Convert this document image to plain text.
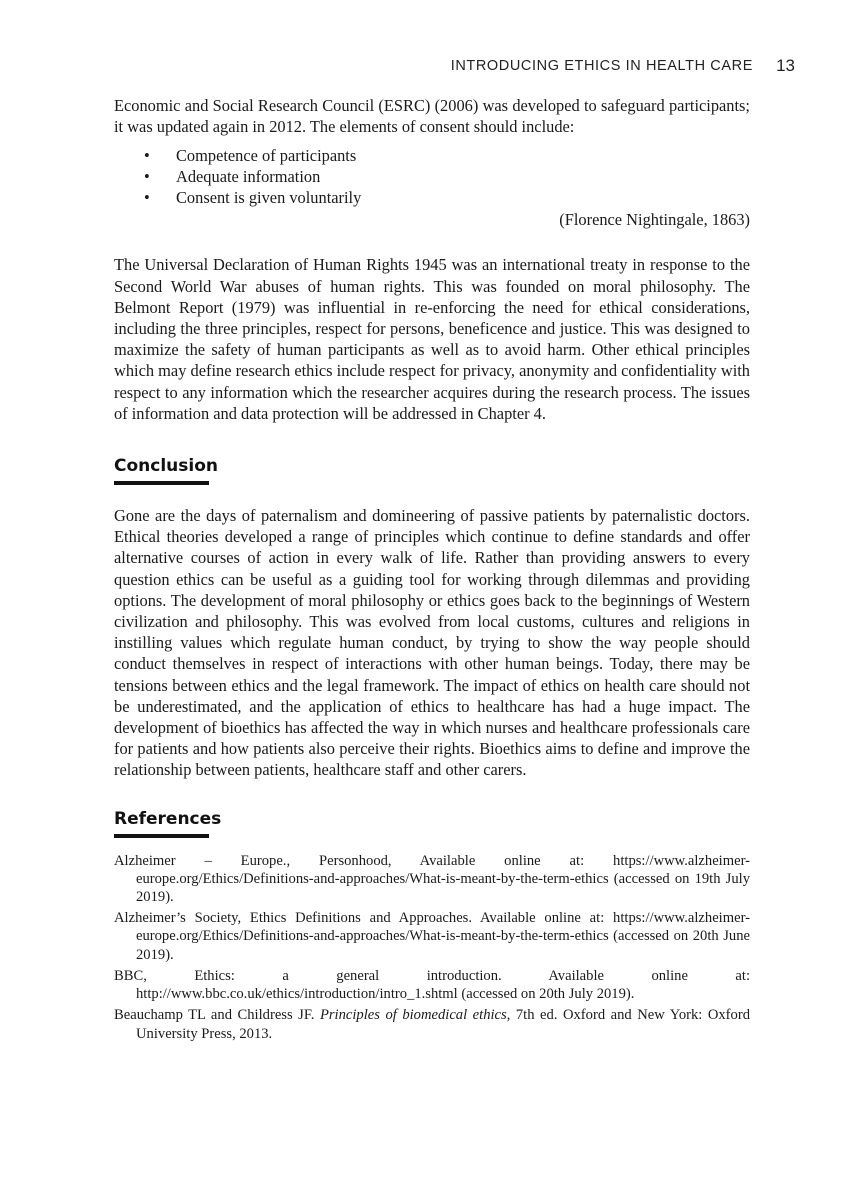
INTRODUCING ETHICS IN HEALTH CARE 13

Economic and Social Research Council (ESRC) (2006) was developed to safeguard participants; it was updated again in 2012. The elements of consent should include:

• Competence of participants
• Adequate information
• Consent is given voluntarily
(Florence Nightingale, 1863)

The Universal Declaration of Human Rights 1945 was an international treaty in response to the Second World War abuses of human rights. This was founded on moral philosophy. The Belmont Report (1979) was influential in re-enforcing the need for ethical considerations, including the three principles, respect for persons, beneficence and justice. This was designed to maximize the safety of human participants as well as to avoid harm. Other ethical principles which may define research ethics include respect for privacy, anonymity and confidentiality with respect to any information which the researcher acquires during the research process. The issues of information and data protection will be addressed in Chapter 4.

Conclusion

Gone are the days of paternalism and domineering of passive patients by paternalistic doctors. Ethical theories developed a range of principles which continue to define standards and offer alternative courses of action in every walk of life. Rather than providing answers to every question ethics can be useful as a guiding tool for working through dilemmas and providing options. The development of moral philosophy or ethics goes back to the beginnings of Western civilization and philosophy. This was evolved from local customs, cultures and religions in instilling values which regulate human conduct, by trying to show the way people should conduct themselves in respect of interactions with other human beings. Today, there may be tensions between ethics and the legal framework. The impact of ethics on health care should not be underestimated, and the application of ethics to healthcare has had a huge impact. The development of bioethics has affected the way in which nurses and healthcare professionals care for patients and how patients also perceive their rights. Bioethics aims to define and improve the relationship between patients, healthcare staff and other carers.

References

Alzheimer – Europe., Personhood, Available online at: https://www.alzheimer-europe.org/Ethics/Definitions-and-approaches/What-is-meant-by-the-term-ethics (accessed on 19th July 2019).

Alzheimer’s Society, Ethics Definitions and Approaches. Available online at: https://www.alzheimer-europe.org/Ethics/Definitions-and-approaches/What-is-meant-by-the-term-ethics (accessed on 20th June 2019).

BBC, Ethics: a general introduction. Available online at: http://www.bbc.co.uk/ethics/introduction/intro_1.shtml (accessed on 20th July 2019).

Beauchamp TL and Childress JF. Principles of biomedical ethics, 7th ed. Oxford and New York: Oxford University Press, 2013.
